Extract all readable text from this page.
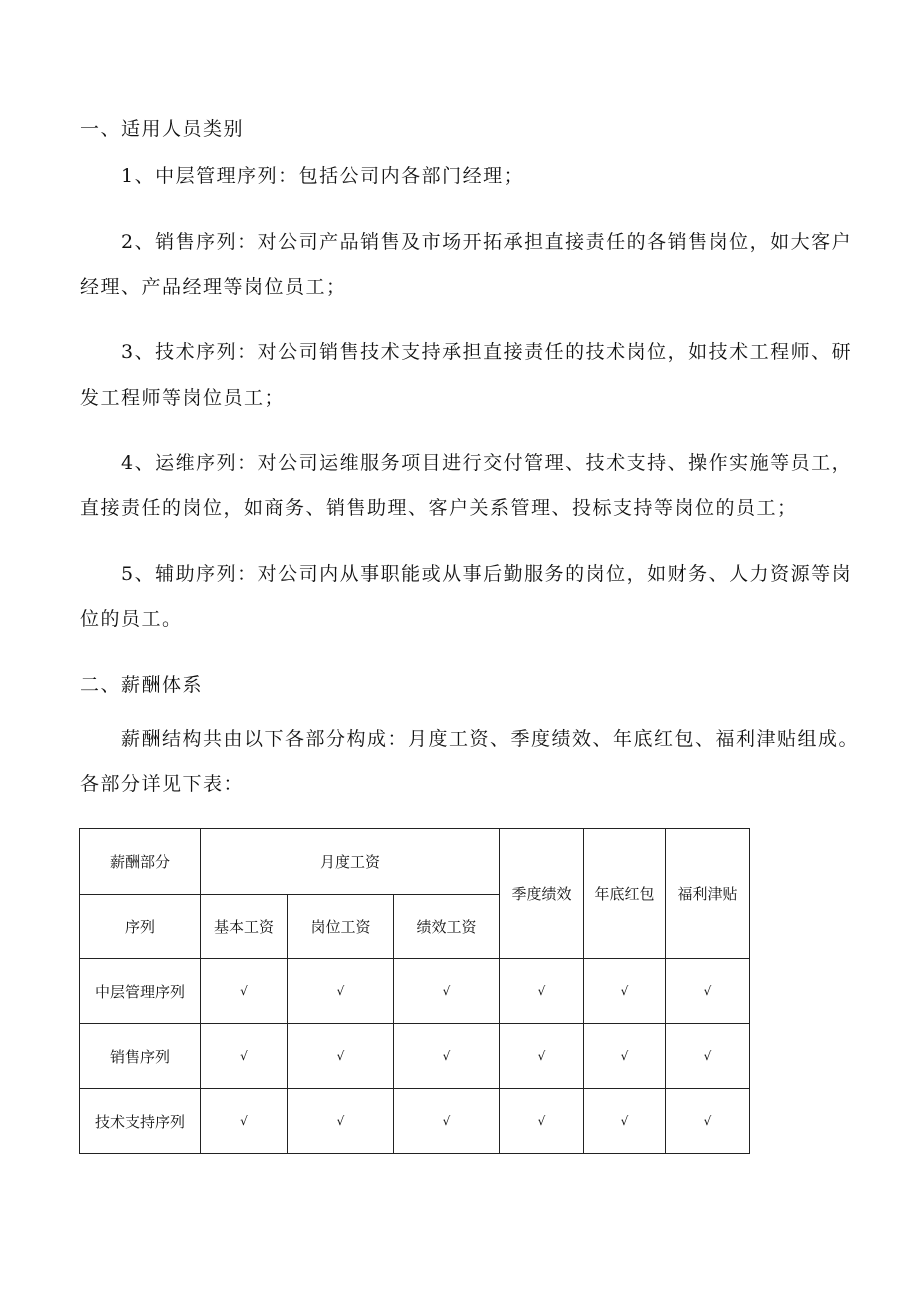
一、适用人员类别

1、中层管理序列：包括公司内各部门经理；

2、销售序列：对公司产品销售及市场开拓承担直接责任的各销售岗位，如大客户

经理、产品经理等岗位员工；

3、技术序列：对公司销售技术支持承担直接责任的技术岗位，如技术工程师、研

发工程师等岗位员工；

4、运维序列：对公司运维服务项目进行交付管理、技术支持、操作实施等员工，

直接责任的岗位，如商务、销售助理、客户关系管理、投标支持等岗位的员工；

5、辅助序列：对公司内从事职能或从事后勤服务的岗位，如财务、人力资源等岗

位的员工。

二、薪酬体系

薪酬结构共由以下各部分构成：月度工资、季度绩效、年底红包、福利津贴组成。

各部分详见下表：

薪酬部分	月度工资			季度绩效	年底红包	福利津贴
序列	基本工资	岗位工资	绩效工资			
中层管理序列	√	√	√	√	√	√
销售序列	√	√	√	√	√	√
技术支持序列	√	√	√	√	√	√
